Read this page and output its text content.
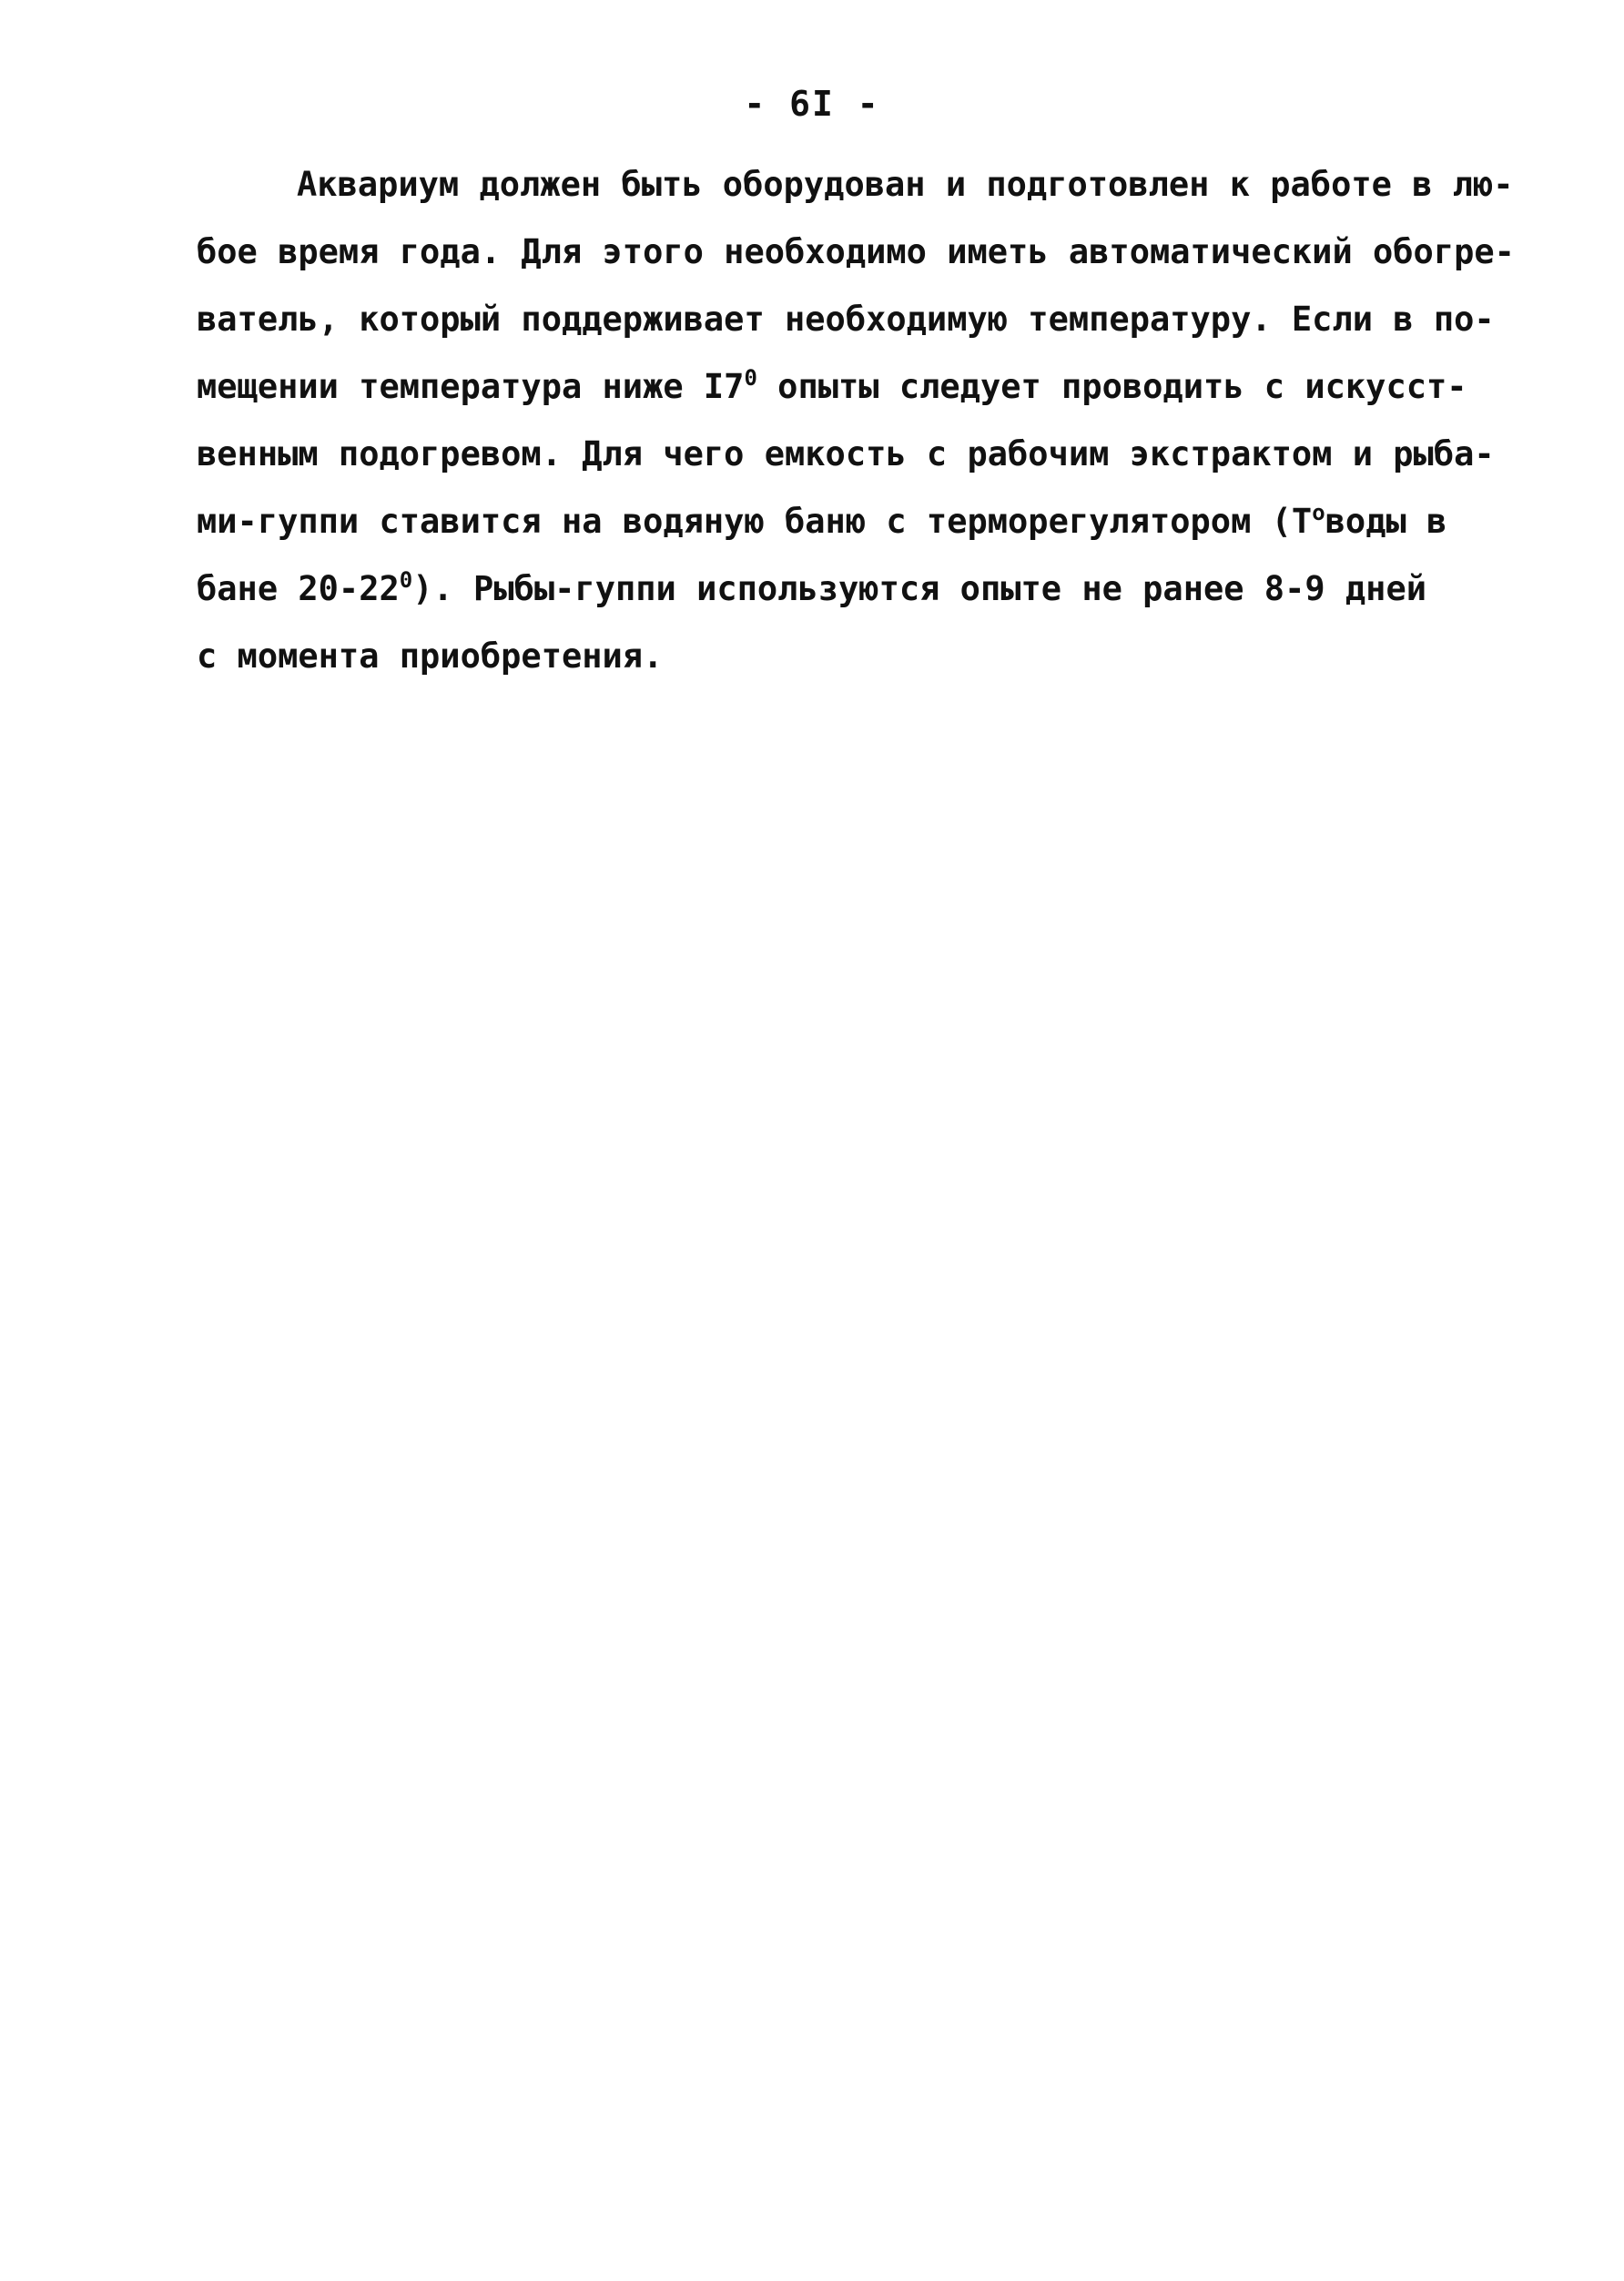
- 6I -
Аквариум должен быть оборудован и подготовлен к работе в лю-
бое время года. Для этого необходимо иметь автоматический обогре-
ватель, который поддерживает необходимую температуру. Если в по-
мещении температура ниже $I7^0$ опыты следует проводить с искусст-
венным подогревом. Для чего емкость с рабочим экстрактом и рыба-
ми-гуппи ставится на водяную баню с терморегулятором ($T^oводы$ в
бане $20-22^0$). Рыбы-гуппи используются опыте не ранее 8-9 дней
с момента приобретения.
